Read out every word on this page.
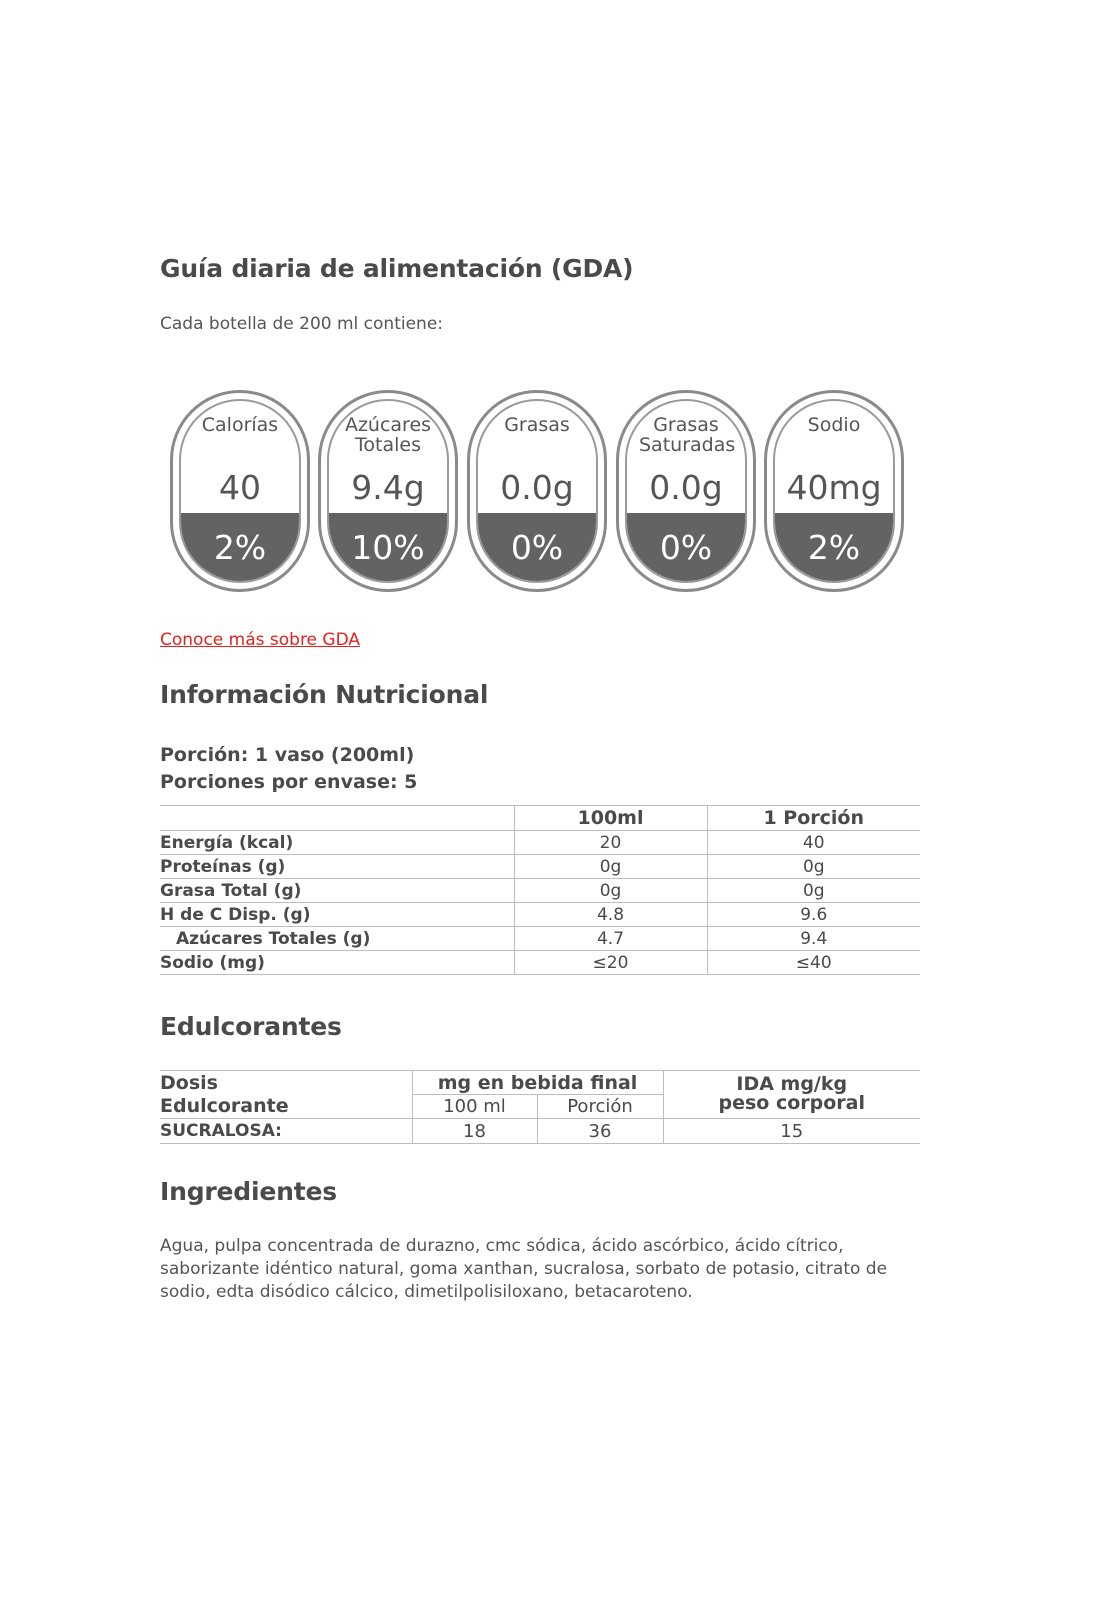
Guía diaria de alimentación (GDA)
Cada botella de 200 ml contiene:
Calorías
40
2%
Azúcares Totales
9.4g
10%
Grasas
0.0g
0%
Grasas Saturadas
0.0g
0%
Sodio
40mg
2%
Conoce más sobre GDA
Información Nutricional
Porción: 1 vaso (200ml)
Porciones por envase: 5
	100ml	1 Porción
Energía (kcal)	20	40
Proteínas (g)	0g	0g
Grasa Total (g)	0g	0g
H de C Disp. (g)	4.8	9.6
Azúcares Totales (g)	4.7	9.4
Sodio (mg)	≤20	≤40
Edulcorantes
Dosis	mg en bebida final		IDA mg/kg
Edulcorante	100 ml	Porción	peso corporal
SUCRALOSA:	18	36	15
Ingredientes
Agua, pulpa concentrada de durazno, cmc sódica, ácido ascórbico, ácido cítrico, saborizante idéntico natural, goma xanthan, sucralosa, sorbato de potasio, citrato de sodio, edta disódico cálcico, dimetilpolisiloxano, betacaroteno.
